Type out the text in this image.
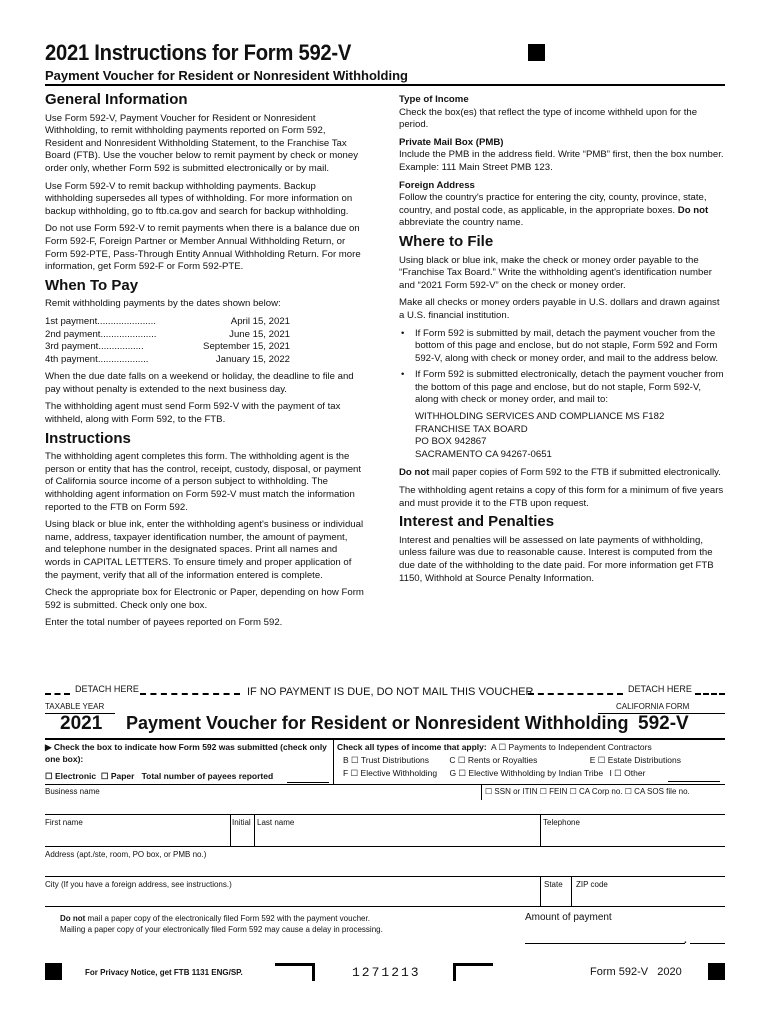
2021 Instructions for Form 592-V
Payment Voucher for Resident or Nonresident Withholding
General Information

Use Form 592-V, Payment Voucher for Resident or Nonresident Withholding, to remit withholding payments reported on Form 592, Resident and Nonresident Withholding Statement, to the Franchise Tax Board (FTB). Use the voucher below to remit payment by check or money order only, whether Form 592 is submitted electronically or by mail.

Use Form 592-V to remit backup withholding payments. Backup withholding supersedes all types of withholding. For more information on backup withholding, go to ftb.ca.gov and search for backup withholding.

Do not use Form 592-V to remit payments when there is a balance due on Form 592-F, Foreign Partner or Member Annual Withholding Return, or Form 592-PTE, Pass-Through Entity Annual Withholding Return. For more information, get Form 592-F or Form 592-PTE.

When To Pay

Remit withholding payments by the dates shown below:

1st payment......................	April 15, 2021
2nd payment.....................	June 15, 2021
3rd payment.................	September 15, 2021
4th payment...................	January 15, 2022

When the due date falls on a weekend or holiday, the deadline to file and pay without penalty is extended to the next business day.

The withholding agent must send Form 592-V with the payment of tax withheld, along with Form 592, to the FTB.

Instructions

The withholding agent completes this form. The withholding agent is the person or entity that has the control, receipt, custody, disposal, or payment of California source income of a person subject to withholding. The withholding agent information on Form 592-V must match the information reported to the FTB on Form 592.

Using black or blue ink, enter the withholding agent's business or individual name, address, taxpayer identification number, the amount of payment, and telephone number in the designated spaces. Print all names and words in CAPITAL LETTERS. To ensure timely and proper application of the payment, verify that all of the information entered is complete.

Check the appropriate box for Electronic or Paper, depending on how Form 592 is submitted. Check only one box.

Enter the total number of payees reported on Form 592.

Type of Income

Check the box(es) that reflect the type of income withheld upon for the period.

Private Mail Box (PMB)

Include the PMB in the address field. Write “PMB” first, then the box number. Example: 111 Main Street PMB 123.

Foreign Address

Follow the country's practice for entering the city, county, province, state, country, and postal code, as applicable, in the appropriate boxes. Do not abbreviate the country name.

Where to File

Using black or blue ink, make the check or money order payable to the “Franchise Tax Board.” Write the withholding agent's identification number and “2021 Form 592-V” on the check or money order.

Make all checks or money orders payable in U.S. dollars and drawn against a U.S. financial institution.

• If Form 592 is submitted by mail, detach the payment voucher from the bottom of this page and enclose, but do not staple, Form 592 and Form 592-V, along with check or money order, and mail to the address below.
• If Form 592 is submitted electronically, detach the payment voucher from the bottom of this page and enclose, but do not staple, Form 592-V, along with check or money order, and mail to:
WITHHOLDING SERVICES AND COMPLIANCE MS F182
FRANCHISE TAX BOARD
PO BOX 942867
SACRAMENTO CA 94267-0651

Do not mail paper copies of Form 592 to the FTB if submitted electronically.

The withholding agent retains a copy of this form for a minimum of five years and must provide it to the FTB upon request.

Interest and Penalties

Interest and penalties will be assessed on late payments of withholding, unless failure was due to reasonable cause. Interest is computed from the due date of the withholding to the date paid. For more information get FTB 1150, Withhold at Source Penalty Information.

DETACH HERE	IF NO PAYMENT IS DUE, DO NOT MAIL THIS VOUCHER	DETACH HERE
TAXABLE YEAR	CALIFORNIA FORM
2021 Payment Voucher for Resident or Nonresident Withholding 592-V
▶ Check the box to indicate how Form 592 was submitted (check only one box):
☐ Electronic ☐ Paper Total number of payees reported
Check all types of income that apply: A ☐ Payments to Independent Contractors
B ☐ Trust Distributions C ☐ Rents or Royalties	E ☐ Estate Distributions
F ☐ Elective Withholding G ☐ Elective Withholding by Indian Tribe I ☐ Other
Business name	☐ SSN or ITIN ☐ FEIN ☐ CA Corp no. ☐ CA SOS file no.
First name	Initial Last name	Telephone
Address (apt./ste, room, PO box, or PMB no.)
City (If you have a foreign address, see instructions.)	State ZIP code
Do not mail a paper copy of the electronically filed Form 592 with the payment voucher.
Mailing a paper copy of your electronically filed Form 592 may cause a delay in processing.
Amount of payment
.
For Privacy Notice, get FTB 1131 ENG/SP.	1271213	Form 592-V 2020
